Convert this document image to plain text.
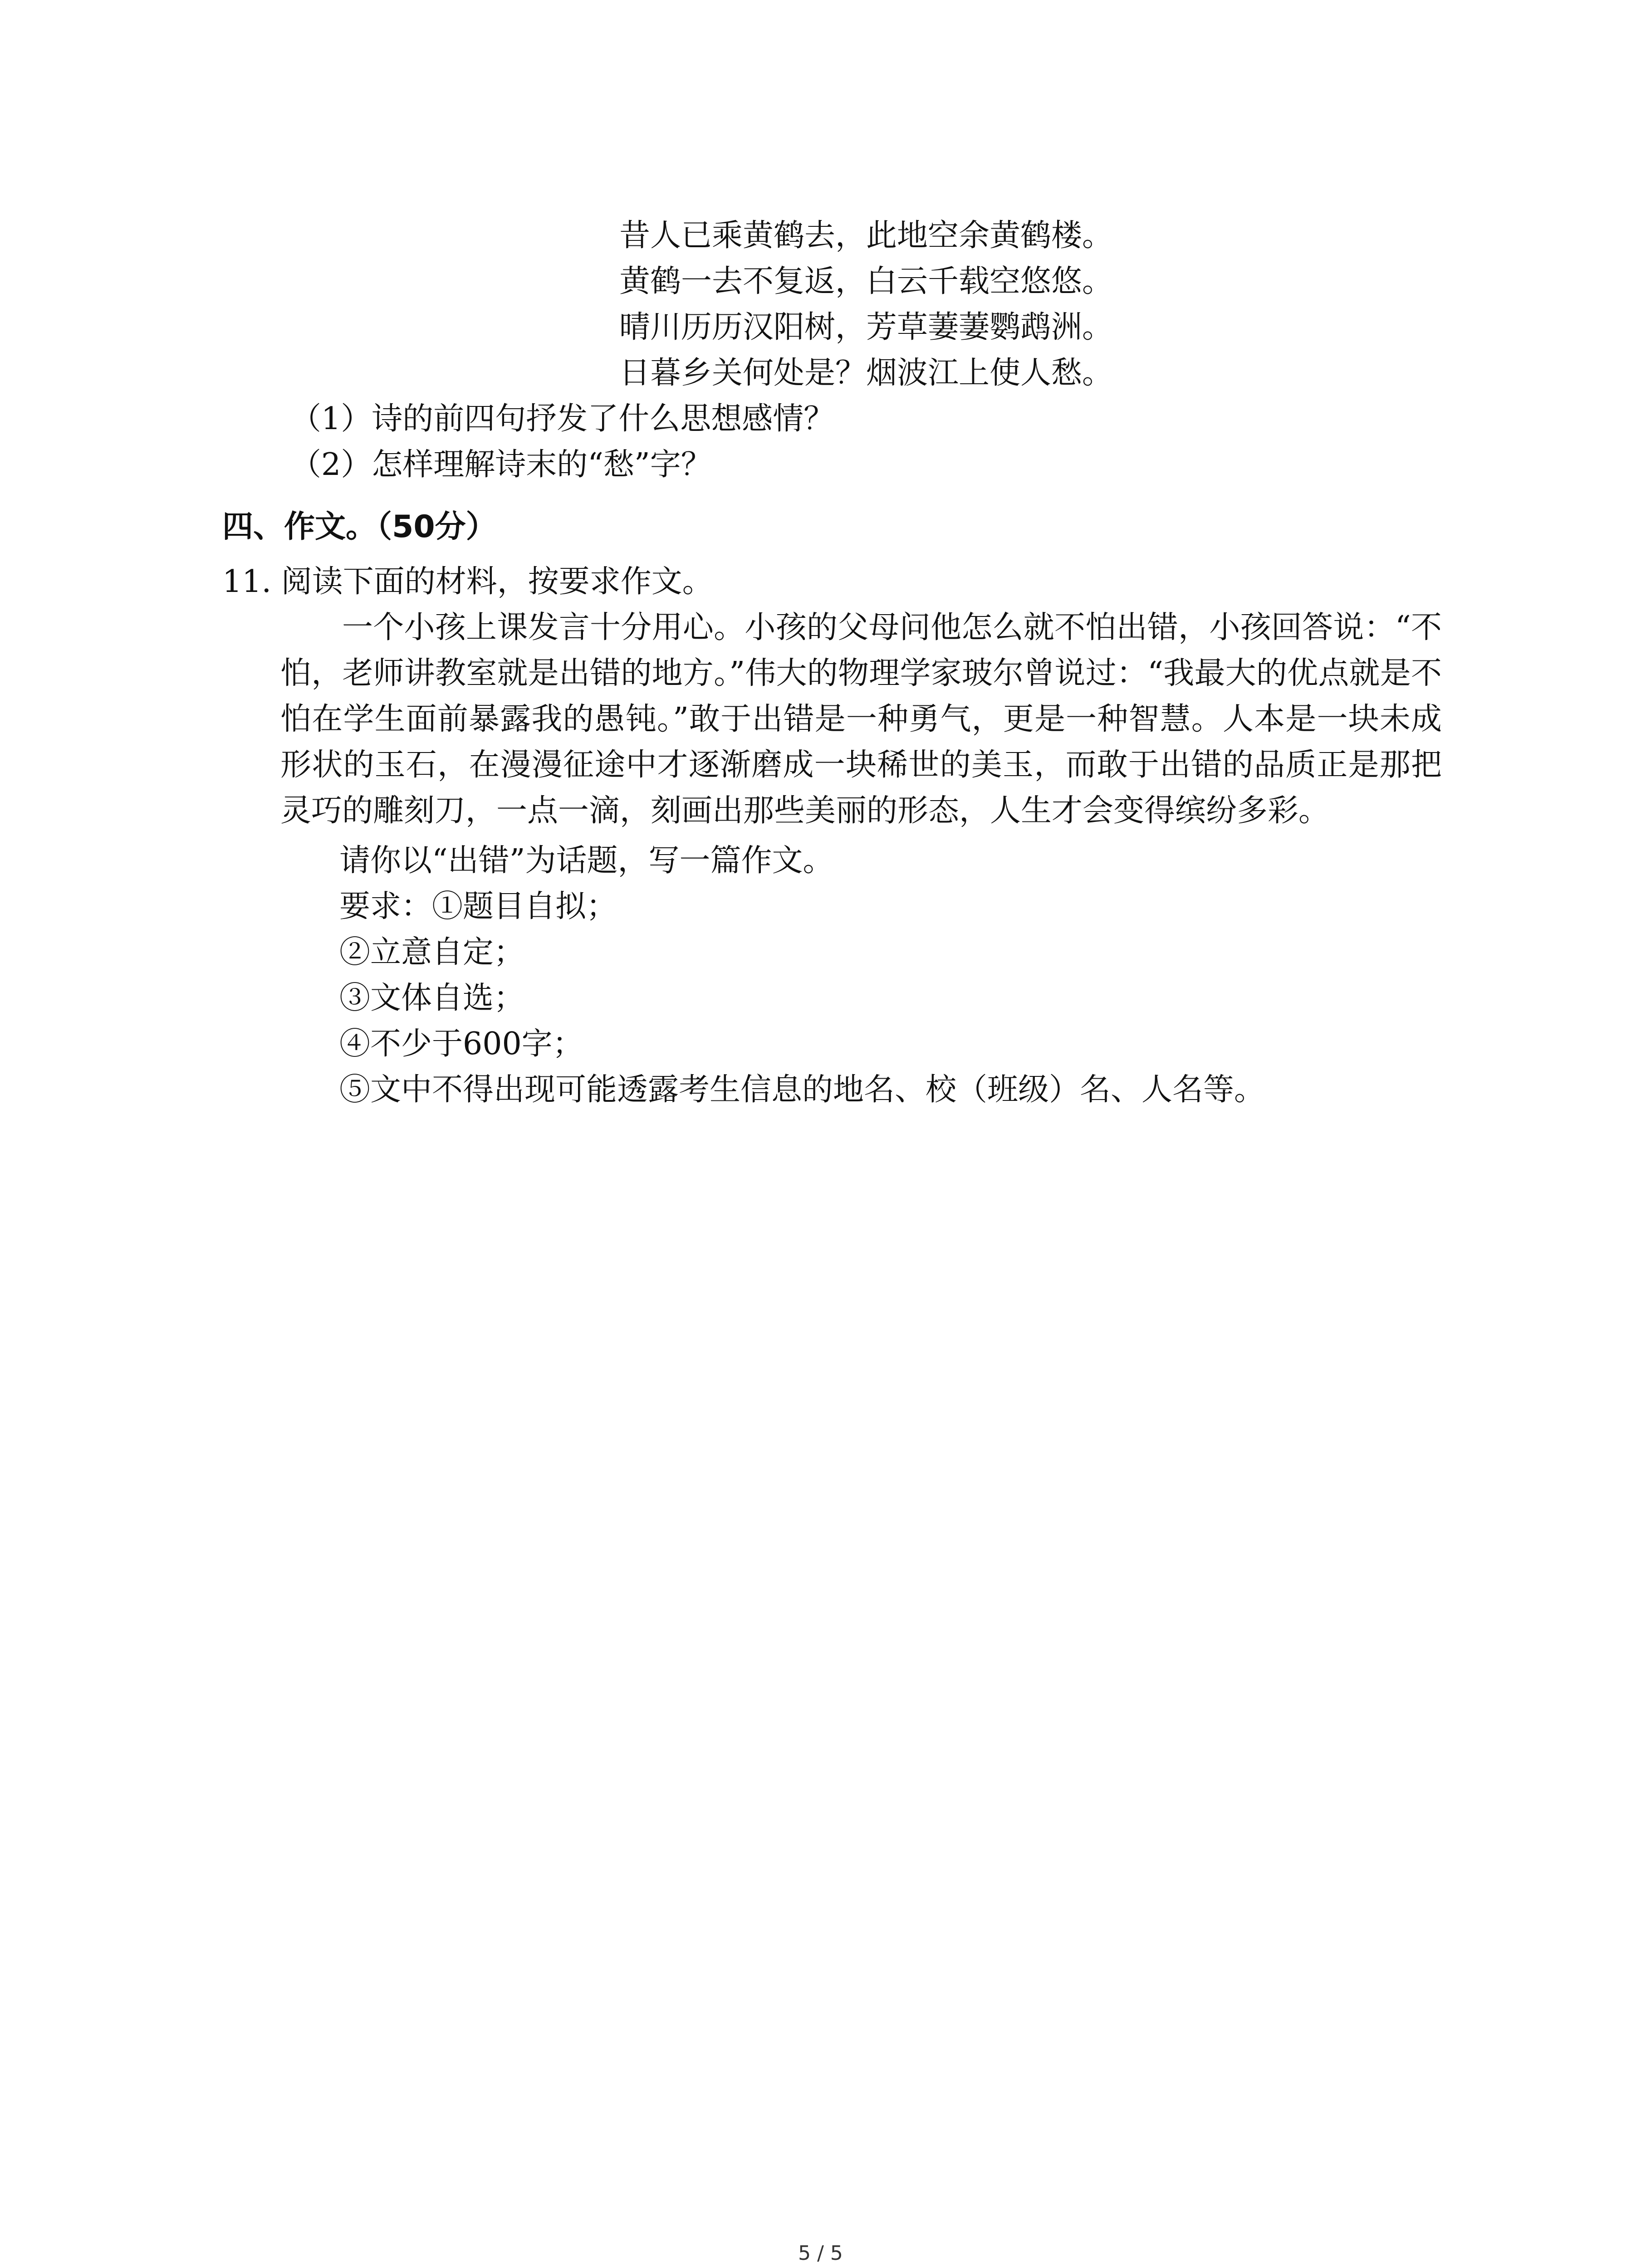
昔人已乘黄鹤去，此地空余黄鹤楼。
黄鹤一去不复返，白云千载空悠悠。
晴川历历汉阳树，芳草萋萋鹦鹉洲。
日暮乡关何处是？烟波江上使人愁。
（1）诗的前四句抒发了什么思想感情？
（2）怎样理解诗末的“愁”字？
四、作文。（50分）
11. 阅读下面的材料，按要求作文。
一个小孩上课发言十分用心。小孩的父母问他怎么就不怕出错，小孩回答说：“不怕，老师讲教室就是出错的地方。”伟大的物理学家玻尔曾说过：“我最大的优点就是不怕在学生面前暴露我的愚钝。”敢于出错是一种勇气，更是一种智慧。人本是一块未成形状的玉石，在漫漫征途中才逐渐磨成一块稀世的美玉，而敢于出错的品质正是那把灵巧的雕刻刀，一点一滴，刻画出那些美丽的形态，人生才会变得缤纷多彩。
请你以“出错”为话题，写一篇作文。
要求：①题目自拟；
②立意自定；
③文体自选；
④不少于600字；
⑤文中不得出现可能透露考生信息的地名、校（班级）名、人名等。
5 / 5
